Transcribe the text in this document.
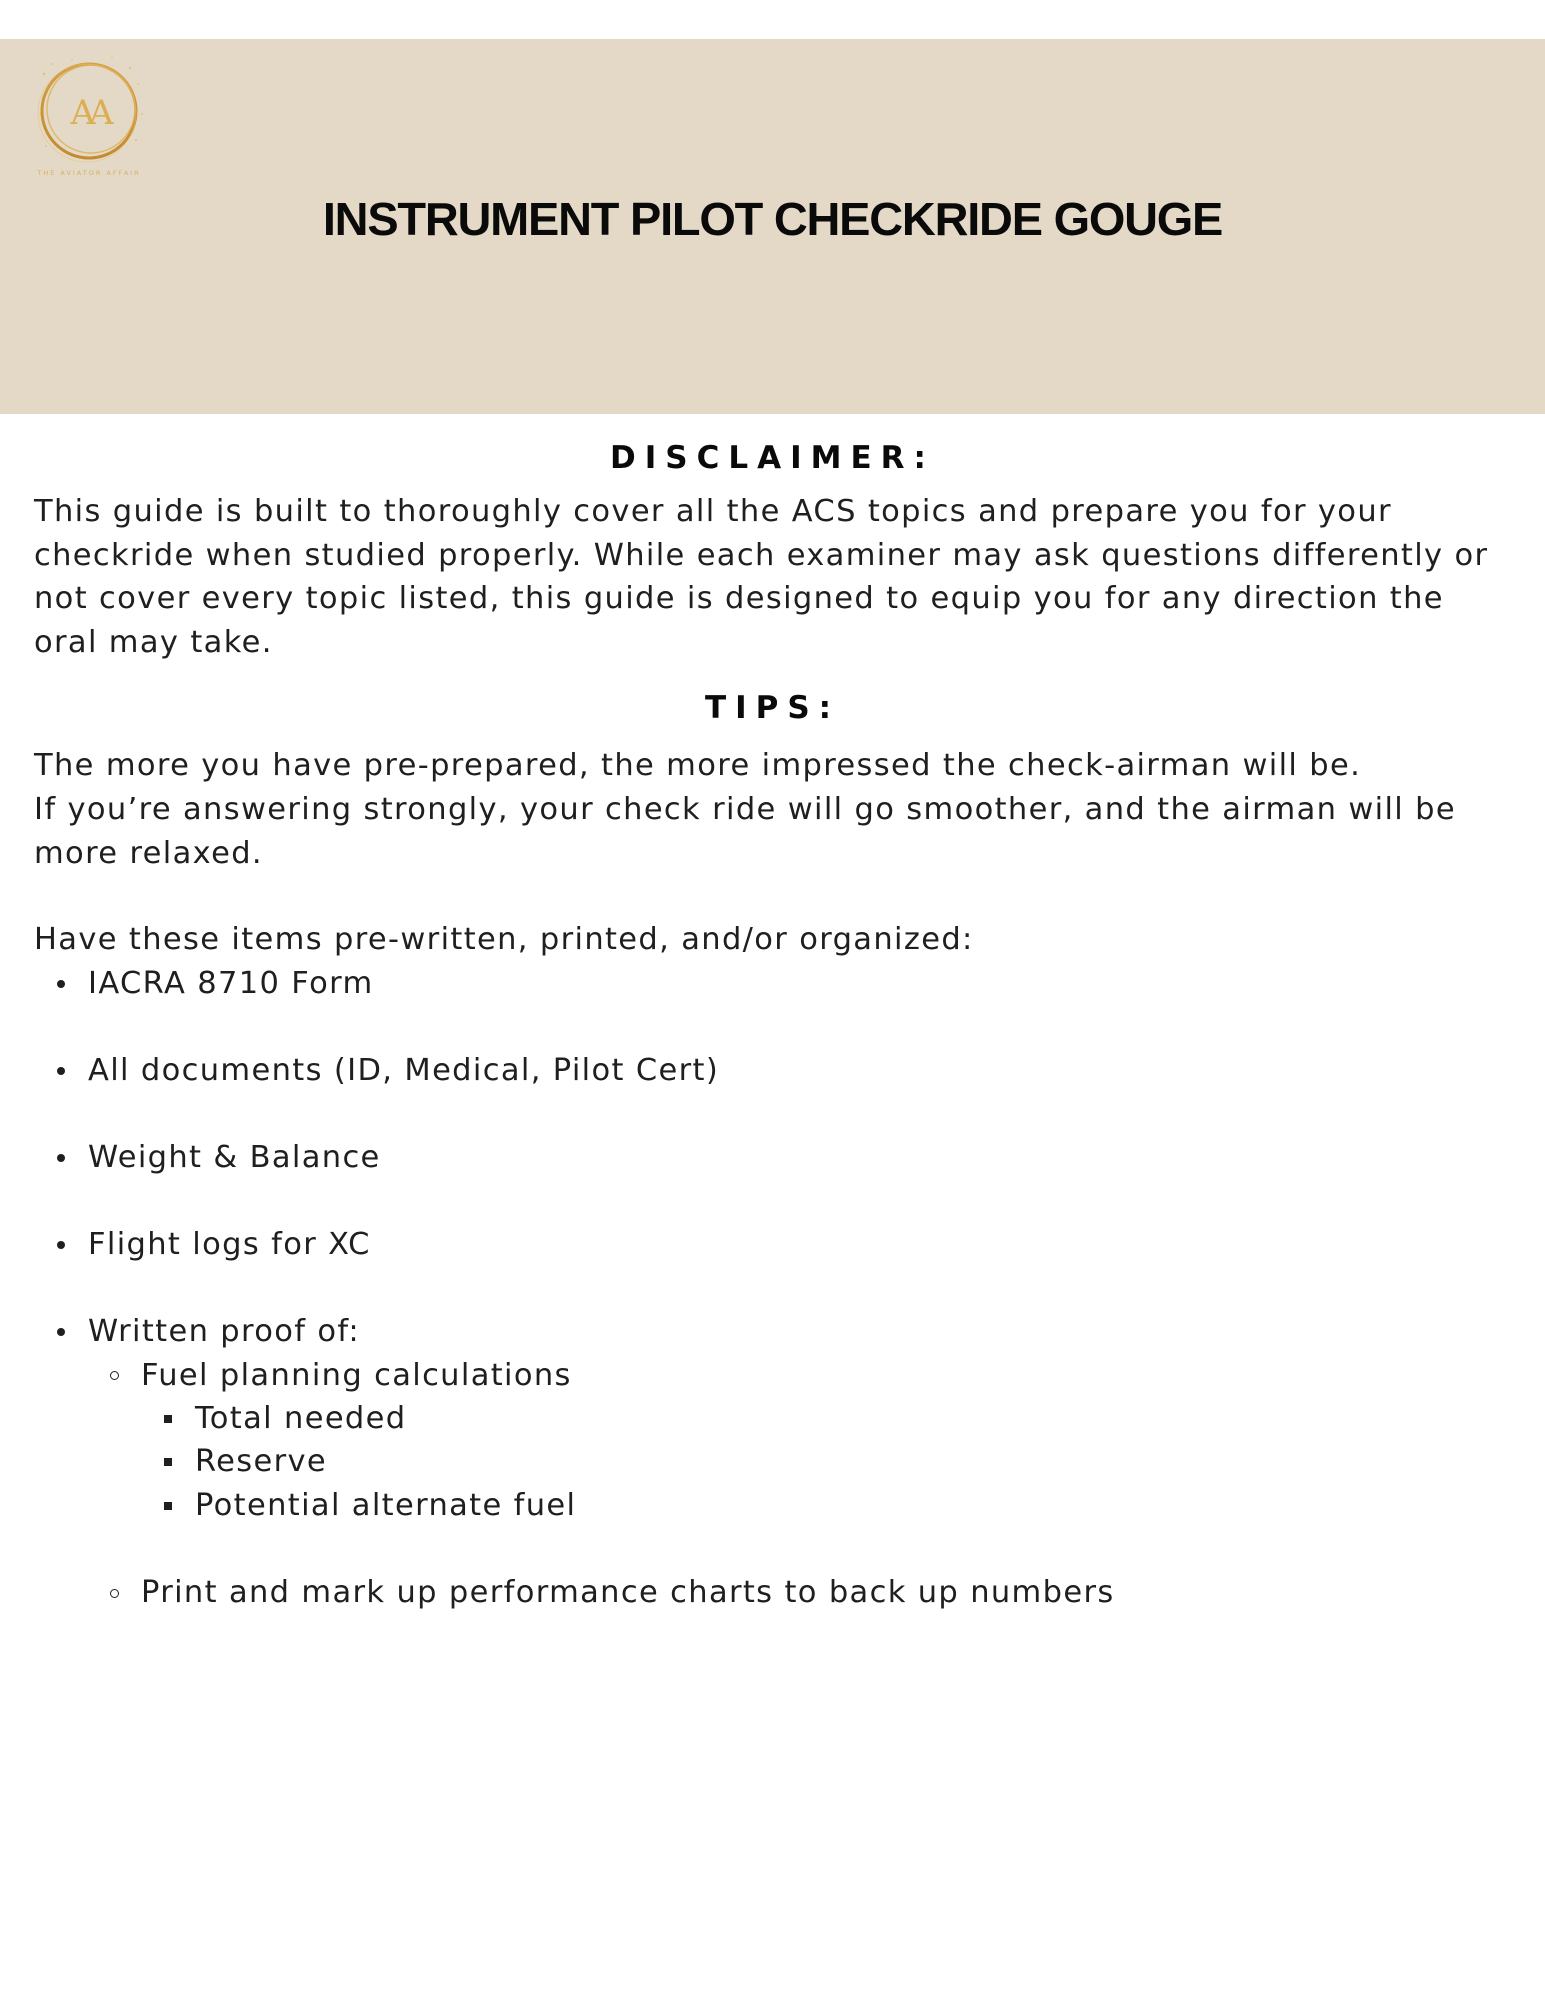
AA
THE AVIATOR AFFAIR
INSTRUMENT PILOT CHECKRIDE GOUGE
DISCLAIMER:

This guide is built to thoroughly cover all the ACS topics and prepare you for your checkride when studied properly. While each examiner may ask questions differently or not cover every topic listed, this guide is designed to equip you for any direction the oral may take.

TIPS:

The more you have pre-prepared, the more impressed the check-airman will be.

If you’re answering strongly, your check ride will go smoother, and the airman will be more relaxed.

Have these items pre-written, printed, and/or organized:

IACRA 8710 Form
All documents (ID, Medical, Pilot Cert)
Weight & Balance
Flight logs for XC
Written proof of:
Fuel planning calculations
Total needed
Reserve
Potential alternate fuel
Print and mark up performance charts to back up numbers
